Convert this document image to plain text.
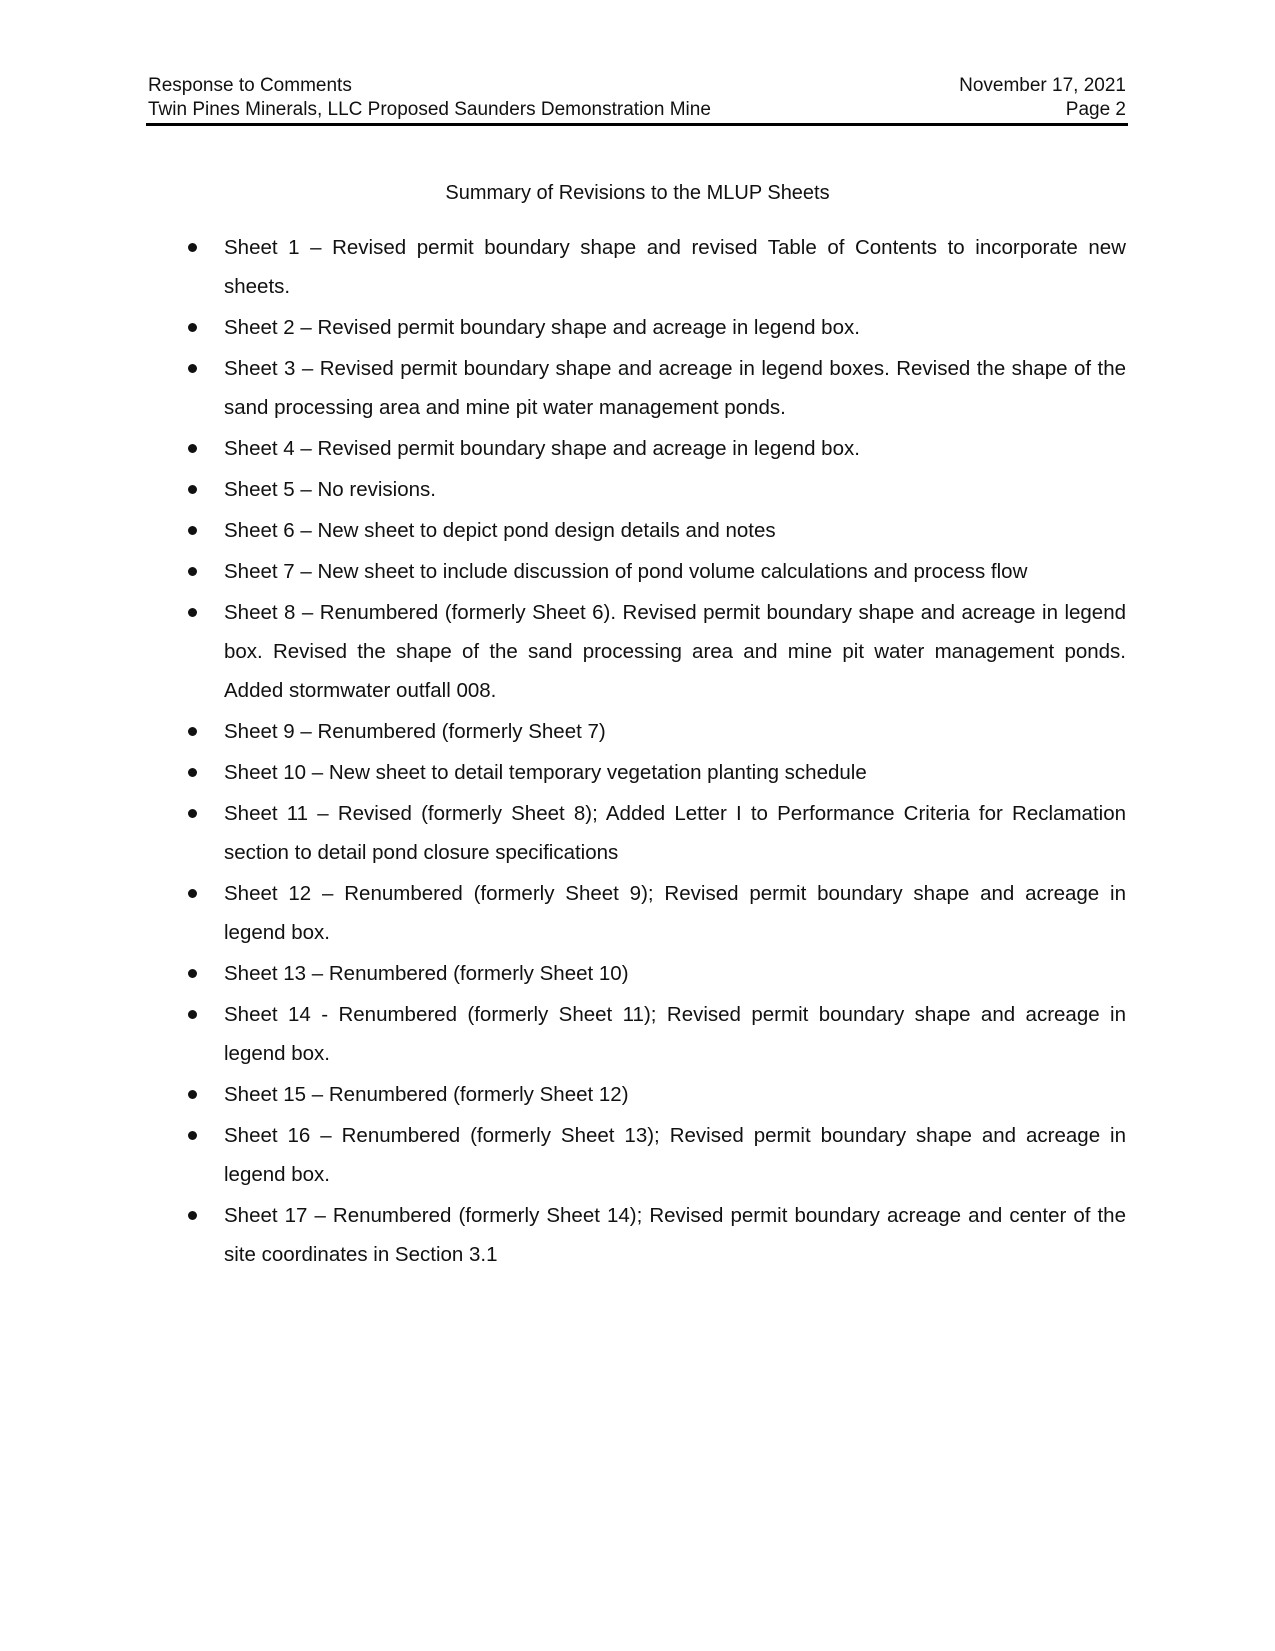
Response to Comments	November 17, 2021
Twin Pines Minerals, LLC Proposed Saunders Demonstration Mine	Page 2
Summary of Revisions to the MLUP Sheets
Sheet 1 – Revised permit boundary shape and revised Table of Contents to incorporate new sheets.
Sheet 2 – Revised permit boundary shape and acreage in legend box.
Sheet 3 – Revised permit boundary shape and acreage in legend boxes. Revised the shape of the sand processing area and mine pit water management ponds.
Sheet 4 – Revised permit boundary shape and acreage in legend box.
Sheet 5 – No revisions.
Sheet 6 – New sheet to depict pond design details and notes
Sheet 7 – New sheet to include discussion of pond volume calculations and process flow
Sheet 8 – Renumbered (formerly Sheet 6). Revised permit boundary shape and acreage in legend box. Revised the shape of the sand processing area and mine pit water management ponds. Added stormwater outfall 008.
Sheet 9 – Renumbered (formerly Sheet 7)
Sheet 10 – New sheet to detail temporary vegetation planting schedule
Sheet 11 – Revised (formerly Sheet 8); Added Letter I to Performance Criteria for Reclamation section to detail pond closure specifications
Sheet 12 – Renumbered (formerly Sheet 9); Revised permit boundary shape and acreage in legend box.
Sheet 13 – Renumbered (formerly Sheet 10)
Sheet 14 - Renumbered (formerly Sheet 11); Revised permit boundary shape and acreage in legend box.
Sheet 15 – Renumbered (formerly Sheet 12)
Sheet 16 – Renumbered (formerly Sheet 13); Revised permit boundary shape and acreage in legend box.
Sheet 17 – Renumbered (formerly Sheet 14); Revised permit boundary acreage and center of the site coordinates in Section 3.1
